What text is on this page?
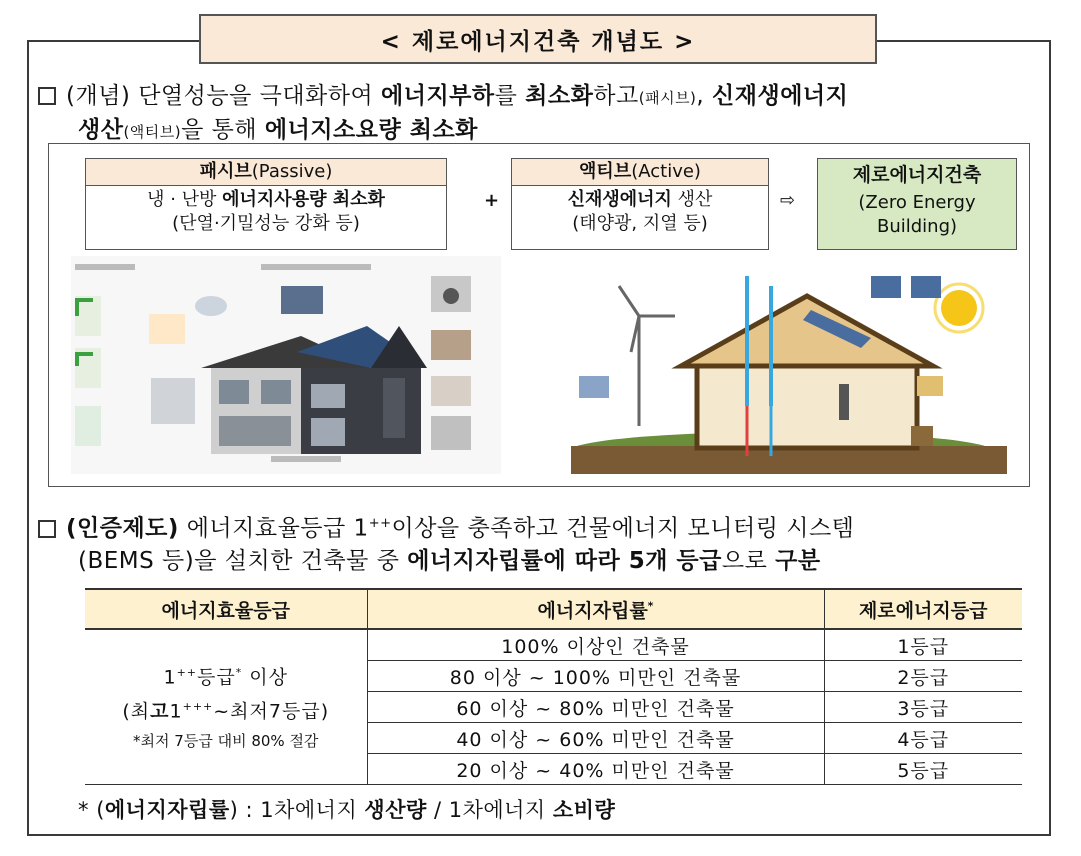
< 제로에너지건축 개념도 >
(개념) 단열성능을 극대화하여 에너지부하를 최소화하고(패시브), 신재생에너지
생산(액티브)을 통해 에너지소요량 최소화
패시브(Passive)
냉 · 난방 에너지사용량 최소화
(단열·기밀성능 강화 등)
+
액티브(Active)
신재생에너지 생산
(태양광, 지열 등)
⇨
제로에너지건축
(Zero Energy
Building)
(인증제도) 에너지효율등급 1++이상을 충족하고 건물에너지 모니터링 시스템
(BEMS 등)을 설치한 건축물 중 에너지자립률에 따라 5개 등급으로 구분
에너지효율등급	에너지자립률*	제로에너지등급

1++등급* 이상
(최고1+++~최저7등급)
*최저 7등급 대비 80% 절감	100% 이상인 건축물	1등급
	80 이상 ~ 100% 미만인 건축물	2등급
	60 이상 ~ 80% 미만인 건축물	3등급
	40 이상 ~ 60% 미만인 건축물	4등급
	20 이상 ~ 40% 미만인 건축물	5등급
* (에너지자립률) : 1차에너지 생산량 / 1차에너지 소비량
